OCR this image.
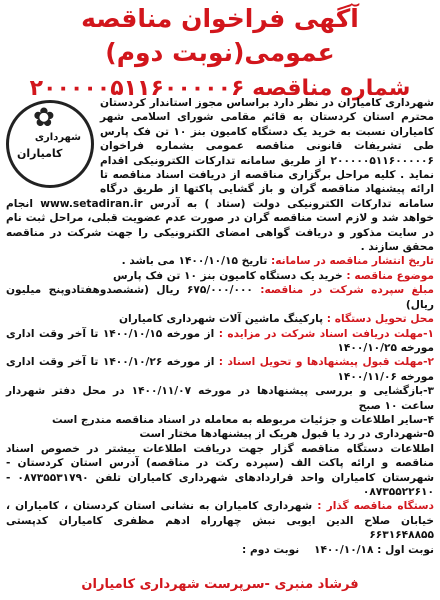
آگهی فراخوان مناقصه عمومی(نوبت دوم)
شماره مناقصه ۲۰۰۰۰۰۵۱۱۶۰۰۰۰۰۶
✿
شهرداری
کامیاران

شهرداری کامیاران در نظر دارد براساس مجوز استاندار کردستان محترم استان کردستان به قائم مقامی شورای اسلامی شهر کامیاران نسبت به خرید یک دستگاه کامیون بنز ۱۰ تن فک پارس طی تشریفات قانونی مناقصه عمومی بشماره فراخوان ۲۰۰۰۰۰۵۱۱۶۰۰۰۰۰۶ از طریق سامانه تدارکات الکترونیکی اقدام نماید . کلیه مراحل برگزاری مناقصه از دریافت اسناد مناقصه تا ارائه پیشنهاد مناقصه گران و باز گشایی پاکتها از طریق درگاه سامانه تدارکات الکترونیکی دولت (ستاد ) به آدرس www.setadiran.ir انجام خواهد شد و لازم است مناقصه گران در صورت عدم عضویت قبلی، مراحل ثبت نام در سایت مذکور و دریافت گواهی امضای الکترونیکی را جهت شرکت در مناقصه محقق سازند .

تاریخ انتشار مناقصه در سامانه: تاریخ ۱۴۰۰/۱۰/۱۵ می باشد .
موضوع مناقصه : خرید یک دستگاه کامیون بنز ۱۰ تن فک پارس
مبلغ سپرده شرکت در مناقصه: ۶۷۵/۰۰۰/۰۰۰ ریال (ششصدوهفتادوپنج میلیون ریال)
محل تحویل دستگاه : پارکینگ ماشین آلات شهرداری کامیاران
۱-مهلت دریافت اسناد شرکت در مزایده : از مورخه ۱۴۰۰/۱۰/۱۵ تا آخر وقت اداری مورخه ۱۴۰۰/۱۰/۲۵
۲-مهلت قبول پیشنهادها و تحویل اسناد : از مورخه ۱۴۰۰/۱۰/۲۶ تا آخر وقت اداری مورخه ۱۴۰۰/۱۱/۰۶
۳-بازگشایی و بررسی پیشنهادها در مورخه ۱۴۰۰/۱۱/۰۷ در محل دفتر شهردار ساعت ۱۰ صبح
۴-سایر اطلاعات و جزئیات مربوطه به معامله در اسناد مناقصه مندرج است
۵-شهرداری در رد یا قبول هریک از پیشنهادها مختار است
اطلاعات دستگاه مناقصه گزار جهت دریافت اطلاعات بیشتر در خصوص اسناد مناقصه و ارائه پاکت الف (سپرده رکت در مناقصه) آدرس استان کردستان - شهرستان کامیاران واحد قراردادهای شهرداری کامیاران تلفن ۰۸۷۳۵۵۳۱۷۹۰ - ۰۸۷۳۵۵۲۲۶۱۰
دستگاه مناقصه گذار : شهرداری کامیاران به نشانی استان کردستان ، کامیاران ، خیابان صلاح الدین ایوبی نبش چهارراه ادهم مظفری کامیاران کدپستی ۶۶۳۱۶۴۸۸۵۵
نوبت اول : ۱۴۰۰/۱۰/۱۸    نوبت دوم :
فرشاد منبری -سرپرست شهرداری کامیاران
